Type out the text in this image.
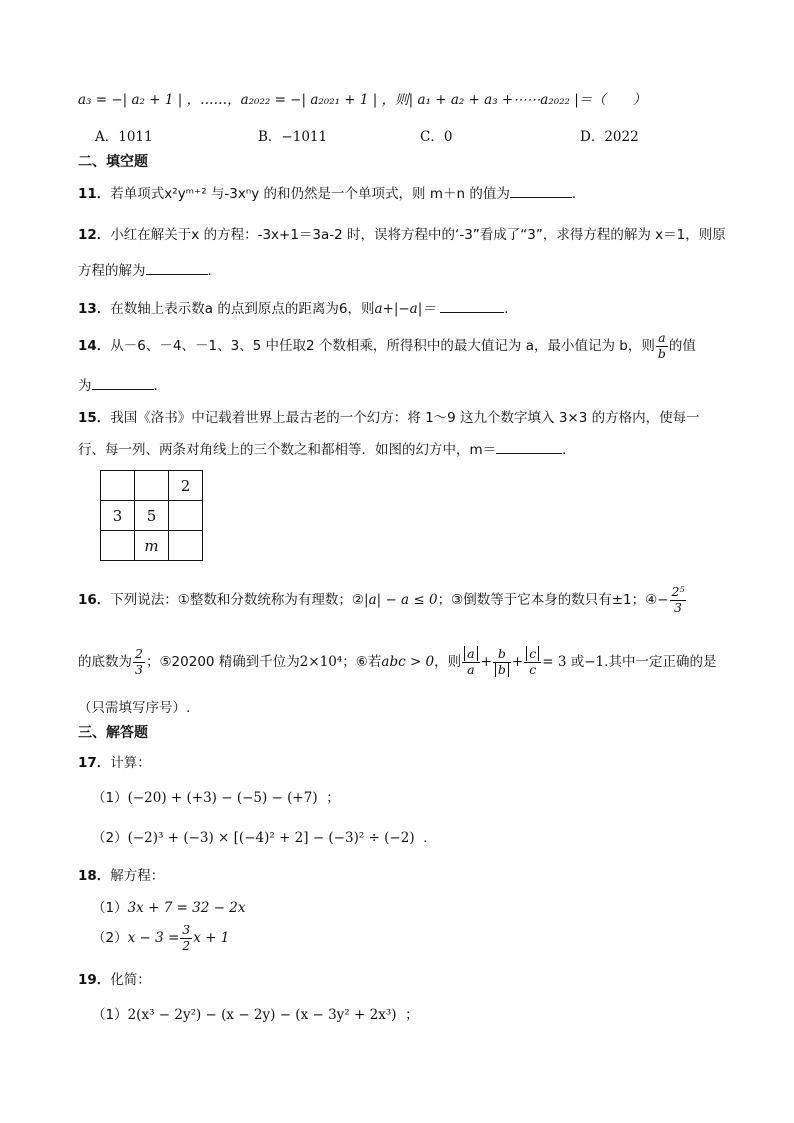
a₃ = −| a₂ + 1 | ，……，a₂₀₂₂ = −| a₂₀₂₁ + 1 | ，则| a₁ + a₂ + a₃ +⋯⋯a₂₀₂₂ |＝（　　）
A．1011	B．−1011	C．0	D．2022
二、填空题
11．若单项式x²yᵐ⁺² 与-3xⁿy 的和仍然是一个单项式，则 m＋n 的值为	.
12．小红在解关于x 的方程：-3x+1＝3a-2 时，误将方程中的‘-3”看成了“3”，求得方程的解为 x＝1，则原
方程的解为	.
13．在数轴上表示数a 的点到原点的距离为6，则a+|−a|＝	.
14．从－6、－4、－1、3、5 中任取2 个数相乘，所得积中的最大值记为 a，最小值记为 b，则 $\frac{a}{b}$ 的值
为	．
15．我国《洛书》中记载着世界上最古老的一个幻方：将 1～9 这九个数字填入 3×3 的方格内，使每一
行、每一列、两条对角线上的三个数之和都相等．如图的幻方中，m＝	．
		2
3	5	
	m	
16．下列说法：①整数和分数统称为有理数；②|a| − a ≤ 0；③倒数等于它本身的数只有±1；④− $\frac{\text{2⁵}}{3}$
的底数为 $\frac{2}{3}$ ；⑤20200 精确到千位为2×10⁴；⑥若abc > 0，则 $\frac{a}{a} + \frac{b}{b} + \frac{c}{c} = 3$ 或−1.其中一定正确的是
（只需填写序号）.
三、解答题
17．计算：
（1）(−20) + (+3) − (−5) − (+7) ；
（2）(−2)³ + (−3) × [(−4)² + 2] − (−3)² ÷ (−2) .
18．解方程：
（1）3x + 7 = 32 − 2x
$(2)x - 3 = \frac{3}{2}$ x + 1
19．化简：
（1）2(x³ − 2y²) − (x − 2y) − (x − 3y² + 2x³) ；
